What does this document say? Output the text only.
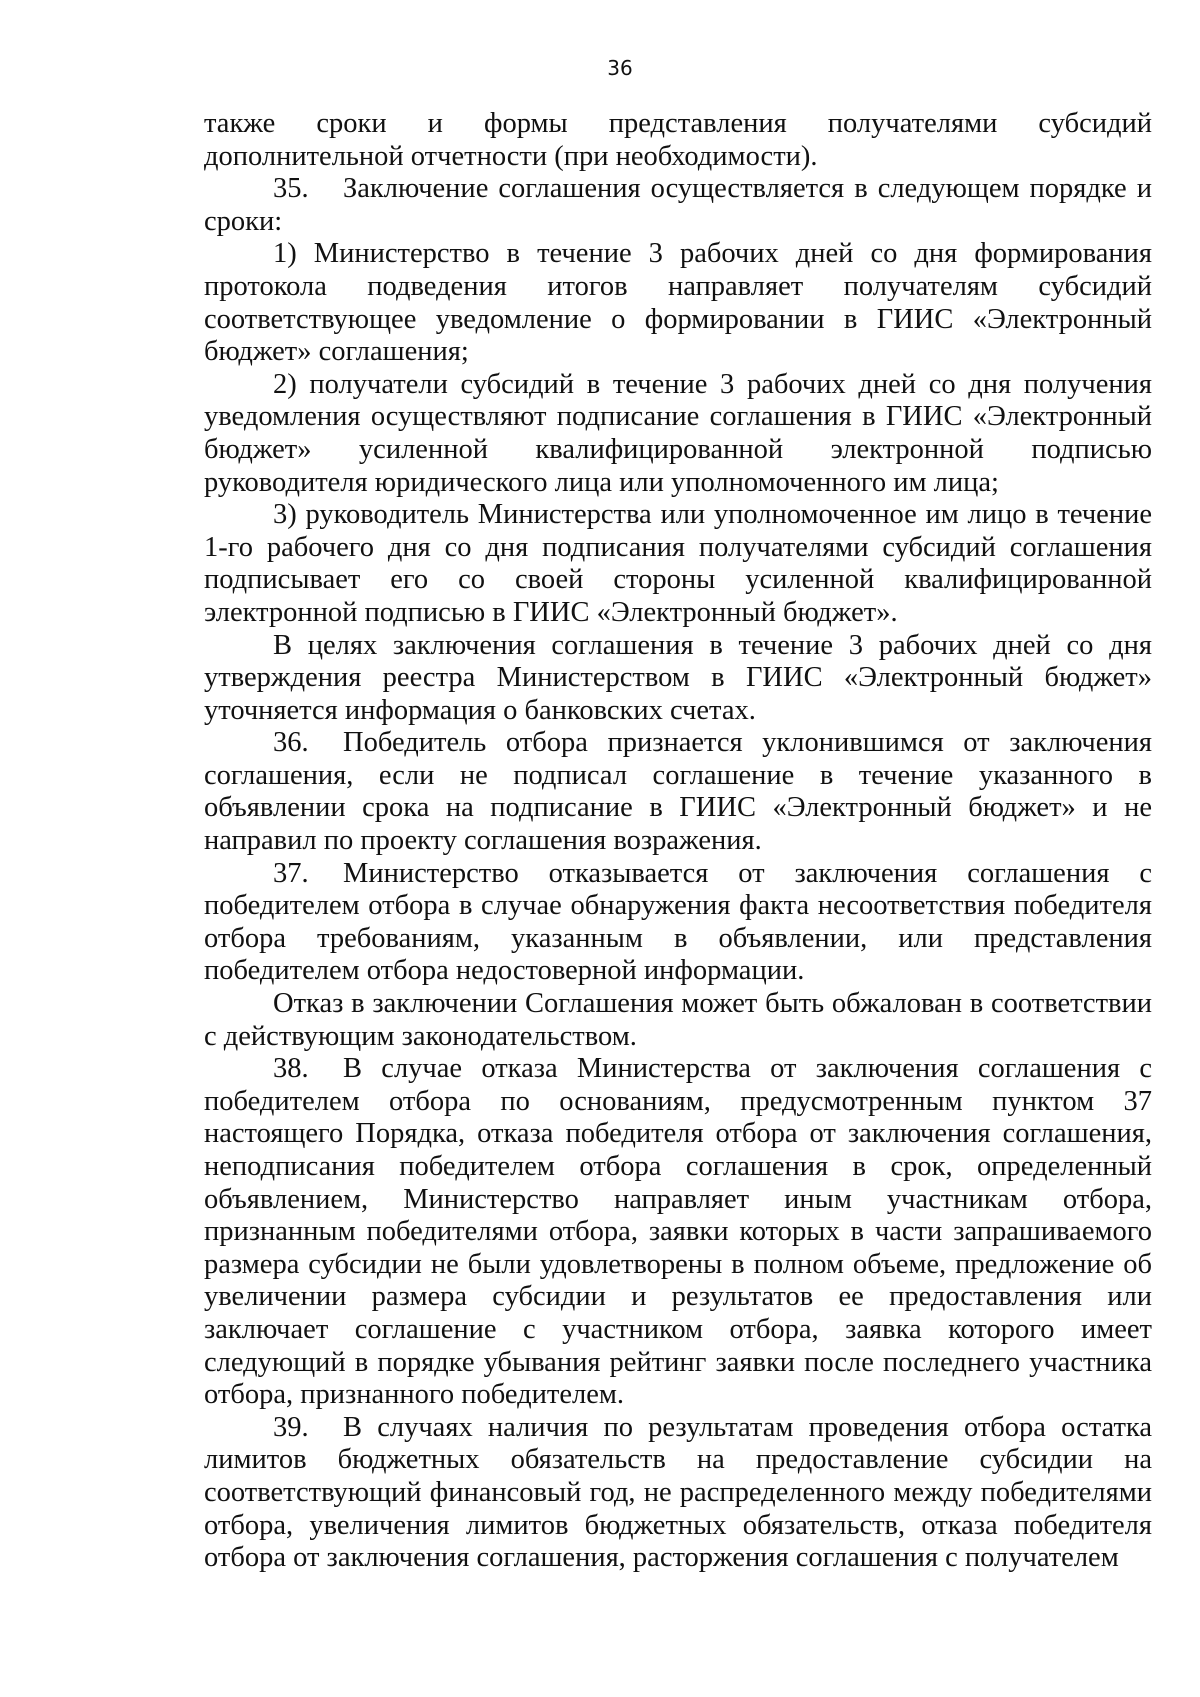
36

также сроки и формы представления получателями субсидий дополнительной отчетности (при необходимости).

35. Заключение соглашения осуществляется в следующем порядке и сроки:

1) Министерство в течение 3 рабочих дней со дня формирования протокола подведения итогов направляет получателям субсидий соответствующее уведомление о формировании в ГИИС «Электронный бюджет» соглашения;

2) получатели субсидий в течение 3 рабочих дней со дня получения уведомления осуществляют подписание соглашения в ГИИС «Электронный бюджет» усиленной квалифицированной электронной подписью руководителя юридического лица или уполномоченного им лица;

3) руководитель Министерства или уполномоченное им лицо в течение 1-го рабочего дня со дня подписания получателями субсидий соглашения подписывает его со своей стороны усиленной квалифицированной электронной подписью в ГИИС «Электронный бюджет».

В целях заключения соглашения в течение 3 рабочих дней со дня утверждения реестра Министерством в ГИИС «Электронный бюджет» уточняется информация о банковских счетах.

36. Победитель отбора признается уклонившимся от заключения соглашения, если не подписал соглашение в течение указанного в объявлении срока на подписание в ГИИС «Электронный бюджет» и не направил по проекту соглашения возражения.

37. Министерство отказывается от заключения соглашения с победителем отбора в случае обнаружения факта несоответствия победителя отбора требованиям, указанным в объявлении, или представления победителем отбора недостоверной информации.

Отказ в заключении Соглашения может быть обжалован в соответствии с действующим законодательством.

38. В случае отказа Министерства от заключения соглашения с победителем отбора по основаниям, предусмотренным пунктом 37 настоящего Порядка, отказа победителя отбора от заключения соглашения, неподписания победителем отбора соглашения в срок, определенный объявлением, Министерство направляет иным участникам отбора, признанным победителями отбора, заявки которых в части запрашиваемого размера субсидии не были удовлетворены в полном объеме, предложение об увеличении размера субсидии и результатов ее предоставления или заключает соглашение с участником отбора, заявка которого имеет следующий в порядке убывания рейтинг заявки после последнего участника отбора, признанного победителем.

39. В случаях наличия по результатам проведения отбора остатка лимитов бюджетных обязательств на предоставление субсидии на соответствующий финансовый год, не распределенного между победителями отбора, увеличения лимитов бюджетных обязательств, отказа победителя отбора от заключения соглашения, расторжения соглашения с получателем
